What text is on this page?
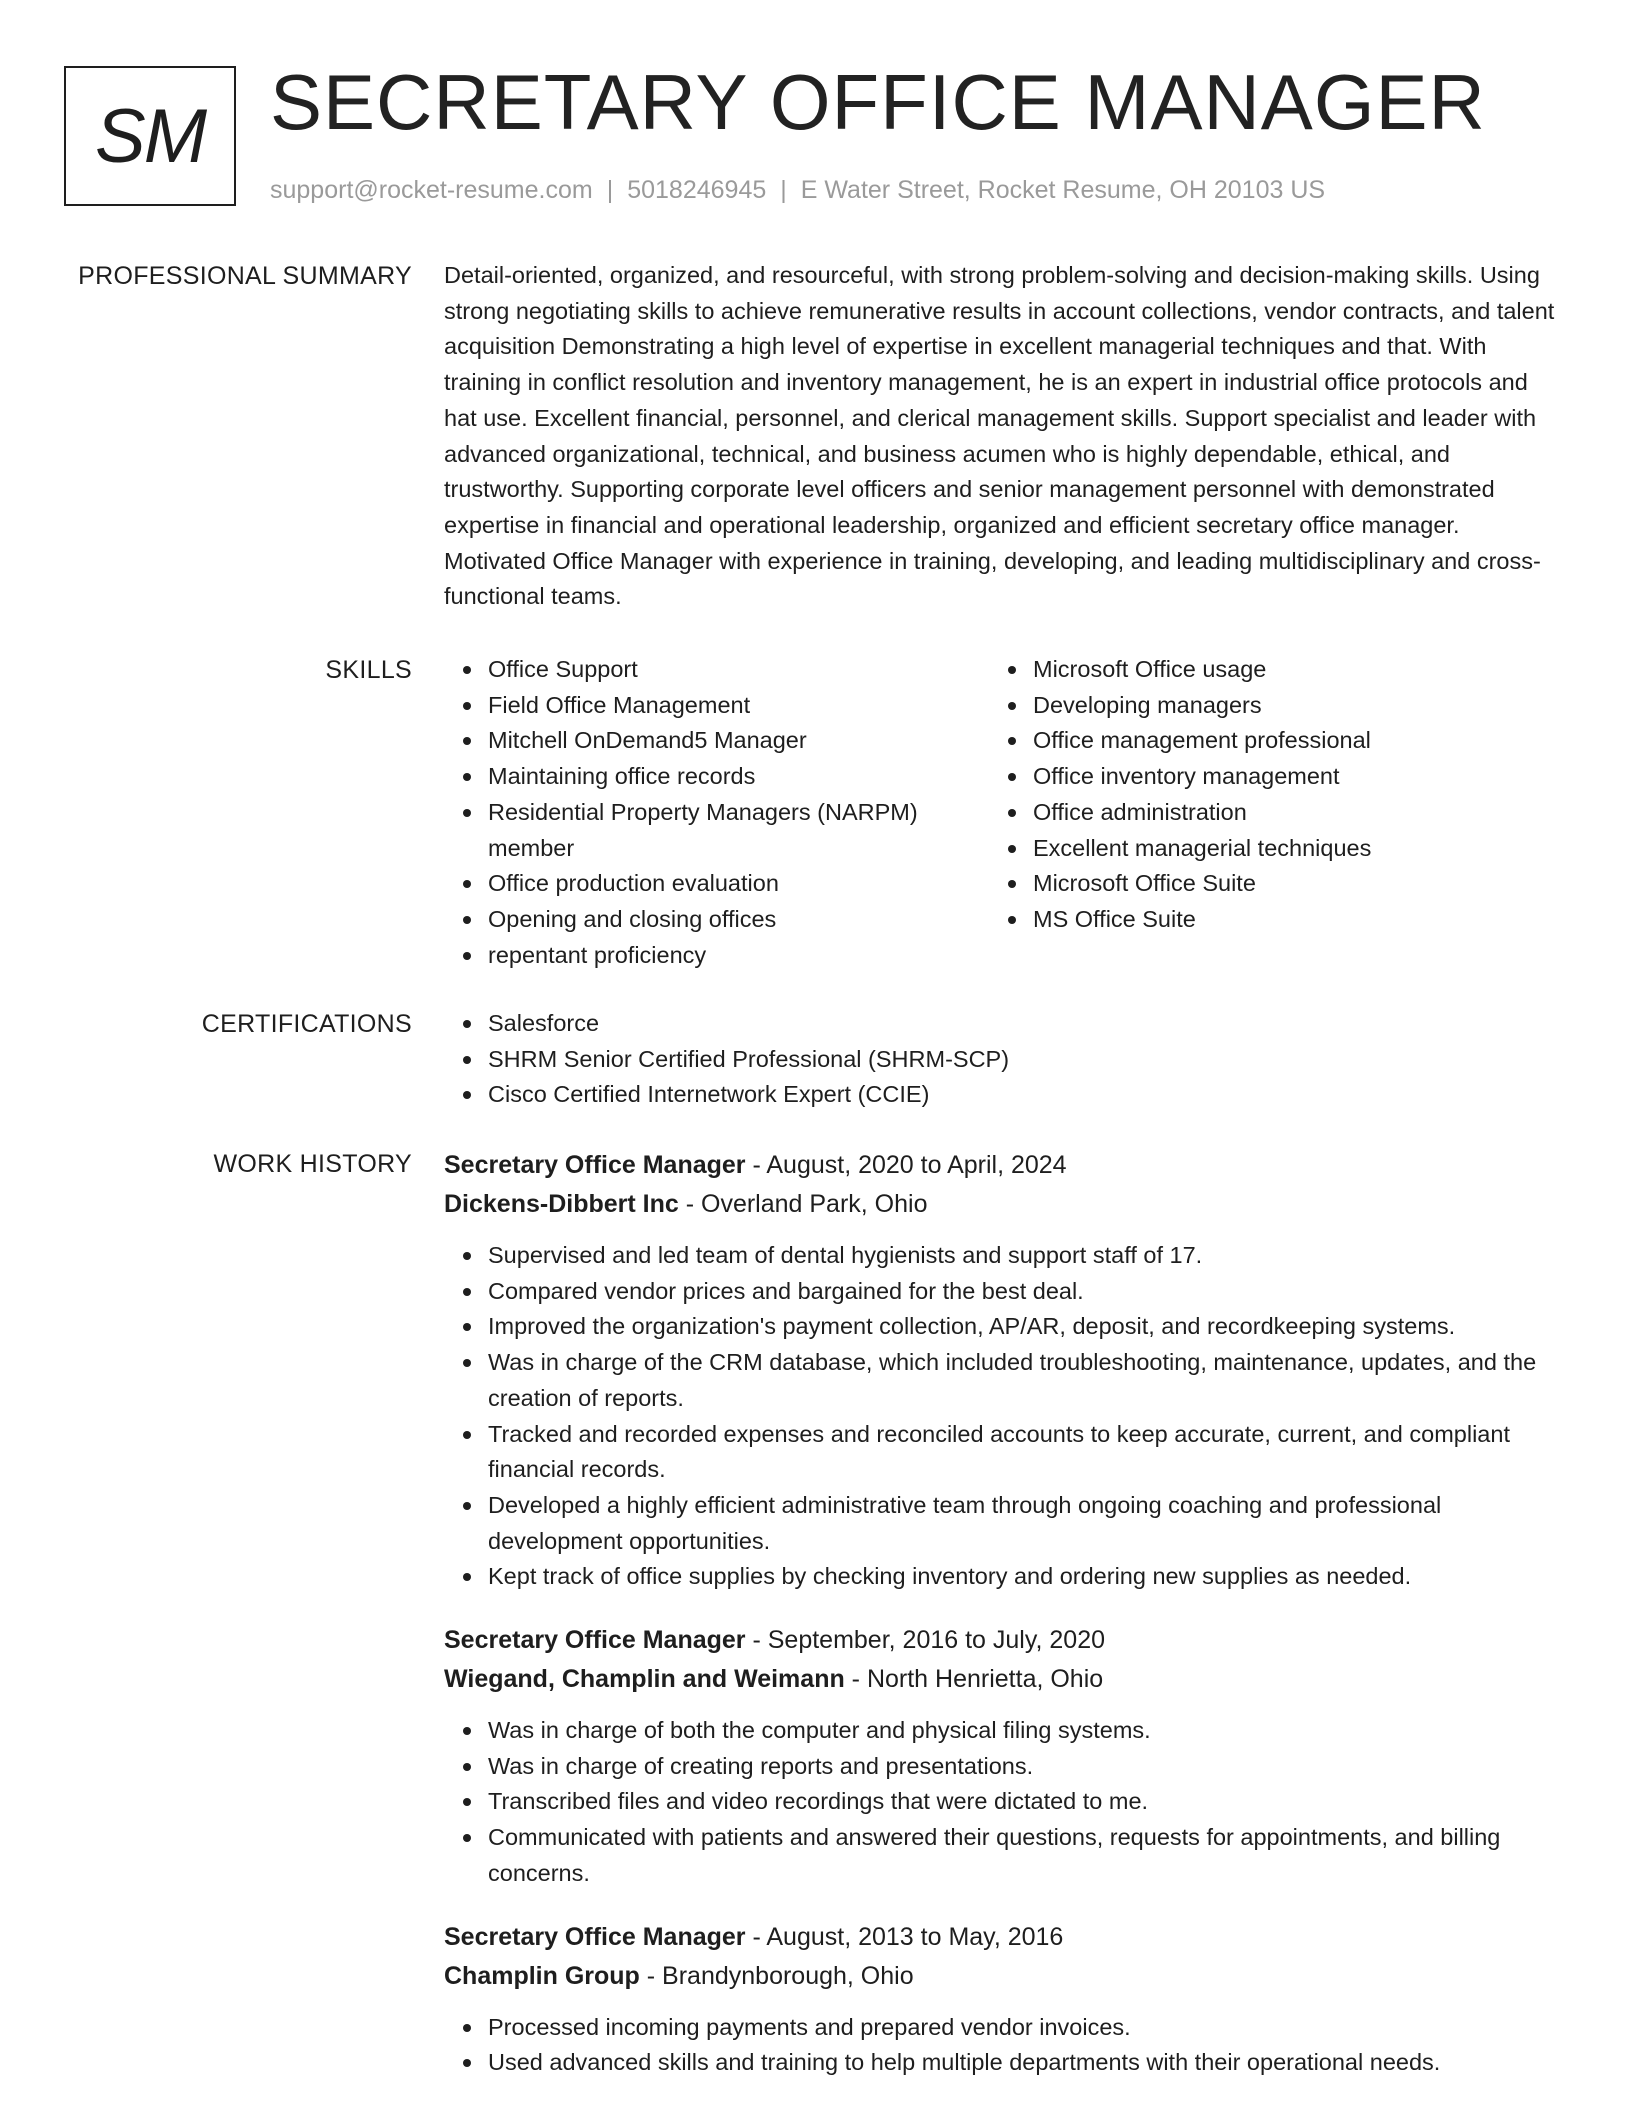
SM SECRETARY OFFICE MANAGER
support@rocket-resume.com | 5018246945 | E Water Street, Rocket Resume, OH 20103 US
PROFESSIONAL SUMMARY Detail-oriented, organized, and resourceful, with strong problem-solving and decision-making skills. Using strong negotiating skills to achieve remunerative results in account collections, vendor contracts, and talent acquisition Demonstrating a high level of expertise in excellent managerial techniques and that. With training in conflict resolution and inventory management, he is an expert in industrial office protocols and hat use. Excellent financial, personnel, and clerical management skills. Support specialist and leader with advanced organizational, technical, and business acumen who is highly dependable, ethical, and trustworthy. Supporting corporate level officers and senior management personnel with demonstrated expertise in financial and operational leadership, organized and efficient secretary office manager. Motivated Office Manager with experience in training, developing, and leading multidisciplinary and cross-functional teams.

SKILLS	Office Support
Field Office Management
Mitchell OnDemand5 Manager
Maintaining office records
Residential Property Managers (NARPM) member
Office production evaluation
Opening and closing offices
repentant proficiency
Microsoft Office usage
Developing managers
Office management professional
Office inventory management
Office administration
Excellent managerial techniques
Microsoft Office Suite
MS Office Suite
CERTIFICATIONS	Salesforce
SHRM Senior Certified Professional (SHRM-SCP)
Cisco Certified Internetwork Expert (CCIE)
WORK HISTORY Secretary Office Manager - August, 2020 to April, 2024
Dickens-Dibbert Inc - Overland Park, Ohio
Supervised and led team of dental hygienists and support staff of 17.
Compared vendor prices and bargained for the best deal.
Improved the organization's payment collection, AP/AR, deposit, and recordkeeping systems.
Was in charge of the CRM database, which included troubleshooting, maintenance, updates, and the creation of reports.
Tracked and recorded expenses and reconciled accounts to keep accurate, current, and compliant financial records.
Developed a highly efficient administrative team through ongoing coaching and professional development opportunities.
Kept track of office supplies by checking inventory and ordering new supplies as needed.
Secretary Office Manager - September, 2016 to July, 2020
Wiegand, Champlin and Weimann - North Henrietta, Ohio
Was in charge of both the computer and physical filing systems.
Was in charge of creating reports and presentations.
Transcribed files and video recordings that were dictated to me.
Communicated with patients and answered their questions, requests for appointments, and billing concerns.
Secretary Office Manager - August, 2013 to May, 2016
Champlin Group - Brandynborough, Ohio
Processed incoming payments and prepared vendor invoices.
Used advanced skills and training to help multiple departments with their operational needs.
